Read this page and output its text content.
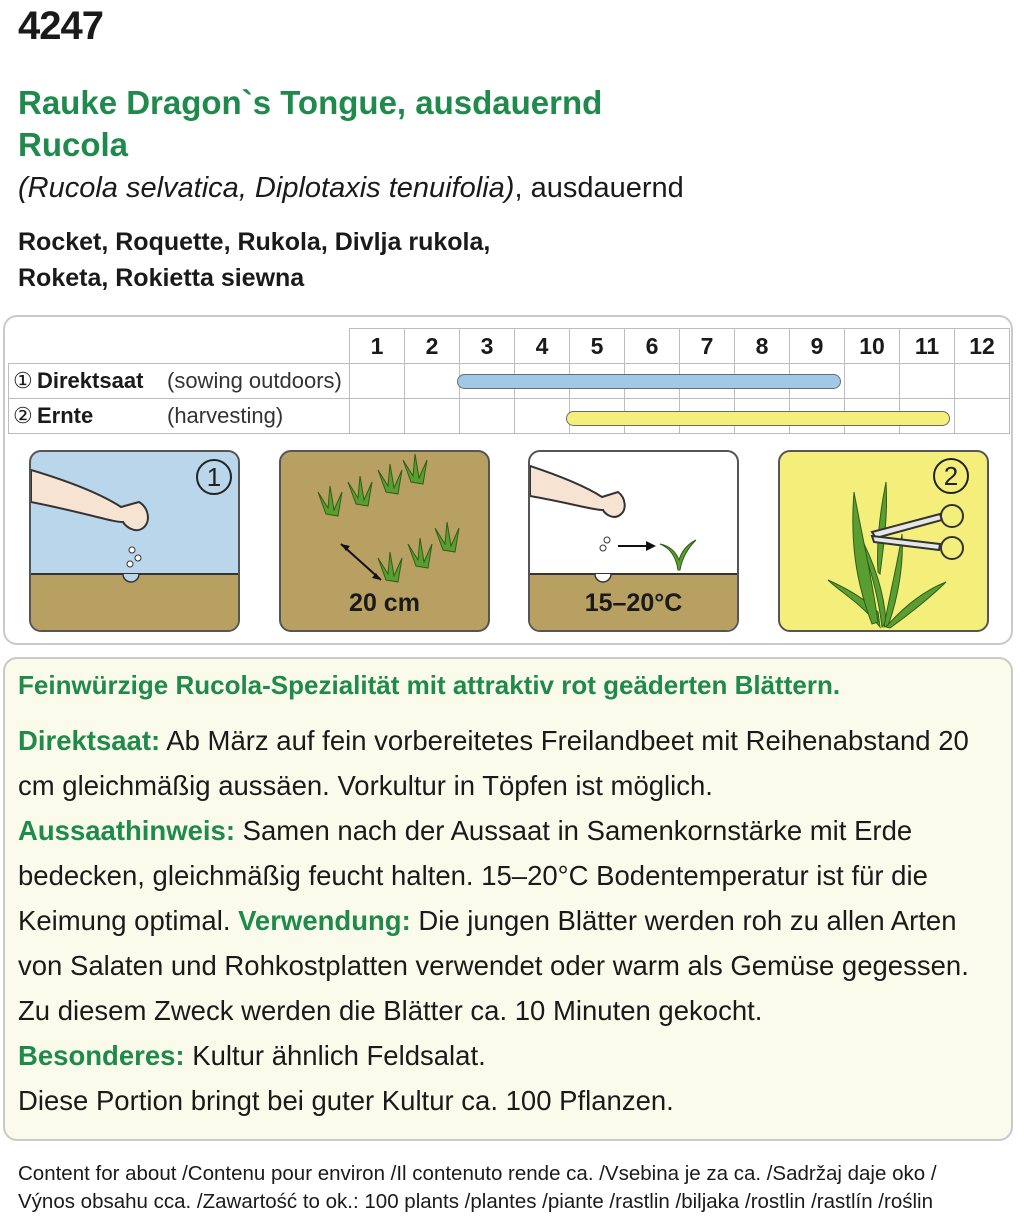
4247
Rauke Dragon`s Tongue, ausdauernd
Rucola
(Rucola selvatica, Diplotaxis tenuifolia), ausdauernd
Rocket, Roquette, Rukola, Divlja rukola,
Roketa, Rokietta siewna
	1	2	3	4	5	6	7	8	9	10	11	12
① Direktsaat (sowing outdoors)												
② Ernte (harvesting)												
1
20 cm	15–20°C
2
Feinwürzige Rucola-Spezialität mit attraktiv rot geäderten Blättern.
Direktsaat: Ab März auf fein vorbereitetes Freilandbeet mit Reihenabstand 20 cm gleichmäßig aussäen. Vorkultur in Töpfen ist möglich.
Aussaathinweis: Samen nach der Aussaat in Samenkornstärke mit Erde bedecken, gleichmäßig feucht halten. 15–20°C Bodentemperatur ist für die Keimung optimal. Verwendung: Die jungen Blätter werden roh zu allen Arten von Salaten und Rohkostplatten verwendet oder warm als Gemüse gegessen. Zu diesem Zweck werden die Blätter ca. 10 Minuten gekocht.
Besonderes: Kultur ähnlich Feldsalat.
Diese Portion bringt bei guter Kultur ca. 100 Pflanzen.
Content for about /Contenu pour environ /Il contenuto rende ca. /Vsebina je za ca. /Sadržaj daje oko /
Výnos obsahu cca. /Zawartość to ok.: 100 plants /plantes /piante /rastlin /biljaka /rostlin /rastlín /roślin
